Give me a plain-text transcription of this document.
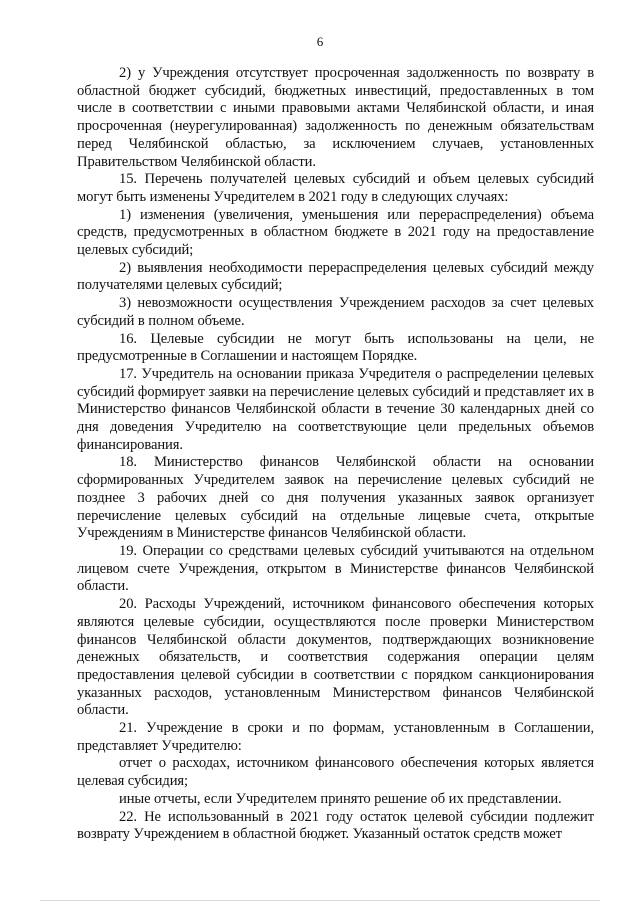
6

2) у Учреждения отсутствует просроченная задолженность по возврату в областной бюджет субсидий, бюджетных инвестиций, предоставленных в том числе в соответствии с иными правовыми актами Челябинской области, и иная просроченная (неурегулированная) задолженность по денежным обязательствам перед Челябинской областью, за исключением случаев, установленных Правительством Челябинской области.

15. Перечень получателей целевых субсидий и объем целевых субсидий могут быть изменены Учредителем в 2021 году в следующих случаях:

1) изменения (увеличения, уменьшения или перераспределения) объема средств, предусмотренных в областном бюджете в 2021 году на предоставление целевых субсидий;

2) выявления необходимости перераспределения целевых субсидий между получателями целевых субсидий;

3) невозможности осуществления Учреждением расходов за счет целевых субсидий в полном объеме.

16. Целевые субсидии не могут быть использованы на цели, не предусмотренные в Соглашении и настоящем Порядке.

17. Учредитель на основании приказа Учредителя о распределении целевых субсидий формирует заявки на перечисление целевых субсидий и представляет их в Министерство финансов Челябинской области в течение 30 календарных дней со дня доведения Учредителю на соответствующие цели предельных объемов финансирования.

18. Министерство финансов Челябинской области на основании сформированных Учредителем заявок на перечисление целевых субсидий не позднее 3 рабочих дней со дня получения указанных заявок организует перечисление целевых субсидий на отдельные лицевые счета, открытые Учреждениям в Министерстве финансов Челябинской области.

19. Операции со средствами целевых субсидий учитываются на отдельном лицевом счете Учреждения, открытом в Министерстве финансов Челябинской области.

20. Расходы Учреждений, источником финансового обеспечения которых являются целевые субсидии, осуществляются после проверки Министерством финансов Челябинской области документов, подтверждающих возникновение денежных обязательств, и соответствия содержания операции целям предоставления целевой субсидии в соответствии с порядком санкционирования указанных расходов, установленным Министерством финансов Челябинской области.

21. Учреждение в сроки и по формам, установленным в Соглашении, представляет Учредителю:

отчет о расходах, источником финансового обеспечения которых является целевая субсидия;

иные отчеты, если Учредителем принято решение об их представлении.

22. Не использованный в 2021 году остаток целевой субсидии подлежит возврату Учреждением в областной бюджет. Указанный остаток средств может
